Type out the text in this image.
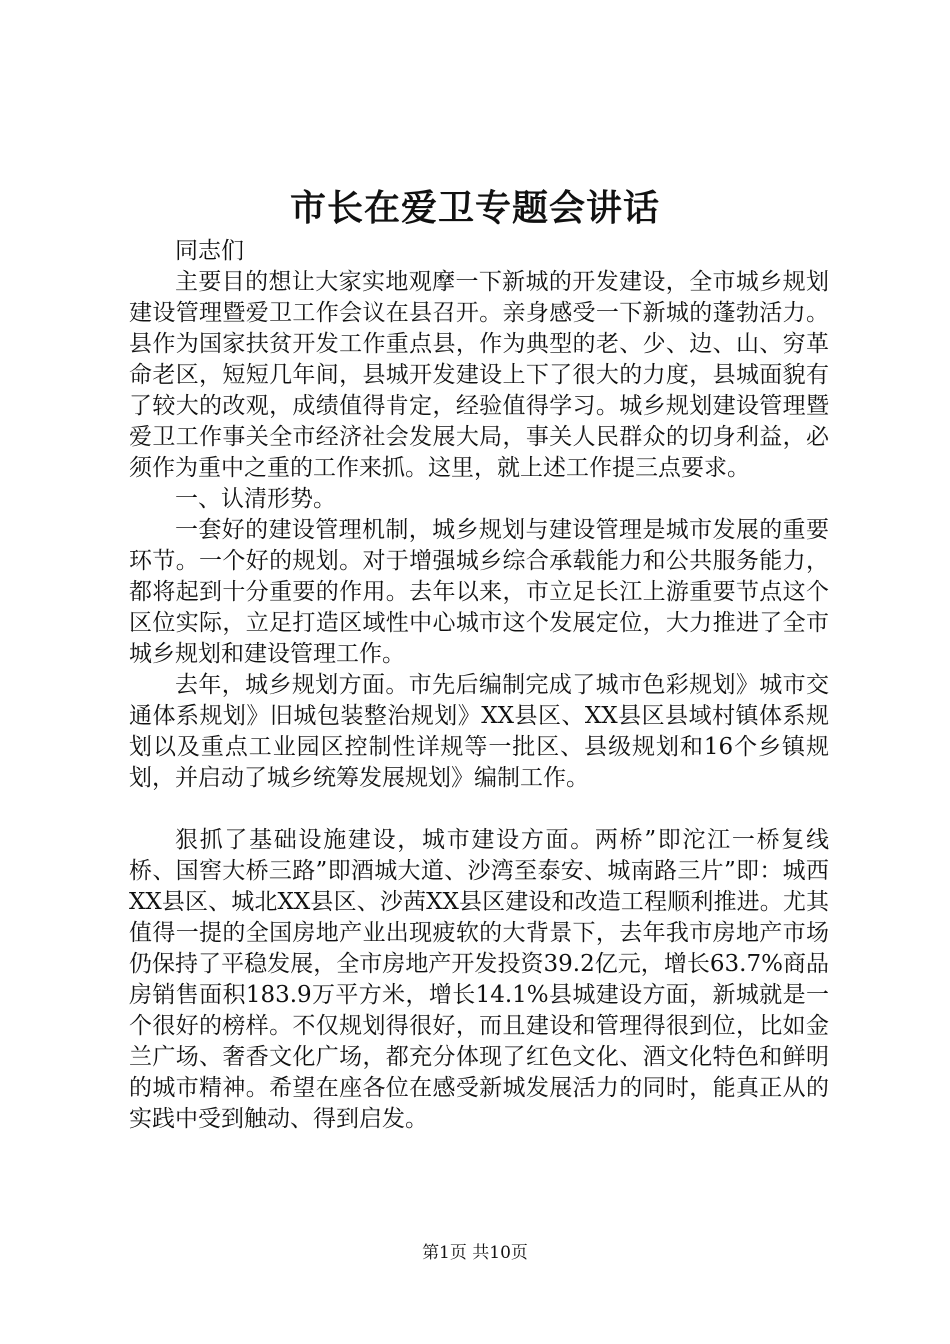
市长在爱卫专题会讲话

同志们

主要目的想让大家实地观摩一下新城的开发建设，全市城乡规划建设管理暨爱卫工作会议在县召开。亲身感受一下新城的蓬勃活力。县作为国家扶贫开发工作重点县，作为典型的老、少、边、山、穷革命老区，短短几年间，县城开发建设上下了很大的力度，县城面貌有了较大的改观，成绩值得肯定，经验值得学习。城乡规划建设管理暨爱卫工作事关全市经济社会发展大局，事关人民群众的切身利益，必须作为重中之重的工作来抓。这里，就上述工作提三点要求。

一、认清形势。

一套好的建设管理机制，城乡规划与建设管理是城市发展的重要环节。一个好的规划。对于增强城乡综合承载能力和公共服务能力，都将起到十分重要的作用。去年以来，市立足长江上游重要节点这个区位实际，立足打造区域性中心城市这个发展定位，大力推进了全市城乡规划和建设管理工作。

去年，城乡规划方面。市先后编制完成了城市色彩规划》城市交通体系规划》旧城包装整治规划》XX县区、XX县区县域村镇体系规划以及重点工业园区控制性详规等一批区、县级规划和16个乡镇规划，并启动了城乡统筹发展规划》编制工作。

狠抓了基础设施建设，城市建设方面。两桥”即沱江一桥复线桥、国窖大桥三路”即酒城大道、沙湾至泰安、城南路三片”即：城西XX县区、城北XX县区、沙茜XX县区建设和改造工程顺利推进。尤其值得一提的全国房地产业出现疲软的大背景下，去年我市房地产市场仍保持了平稳发展，全市房地产开发投资39.2亿元，增长63.7%商品房销售面积183.9万平方米，增长14.1%县城建设方面，新城就是一个很好的榜样。不仅规划得很好，而且建设和管理得很到位，比如金兰广场、奢香文化广场，都充分体现了红色文化、酒文化特色和鲜明的城市精神。希望在座各位在感受新城发展活力的同时，能真正从的实践中受到触动、得到启发。

第1页 共10页
